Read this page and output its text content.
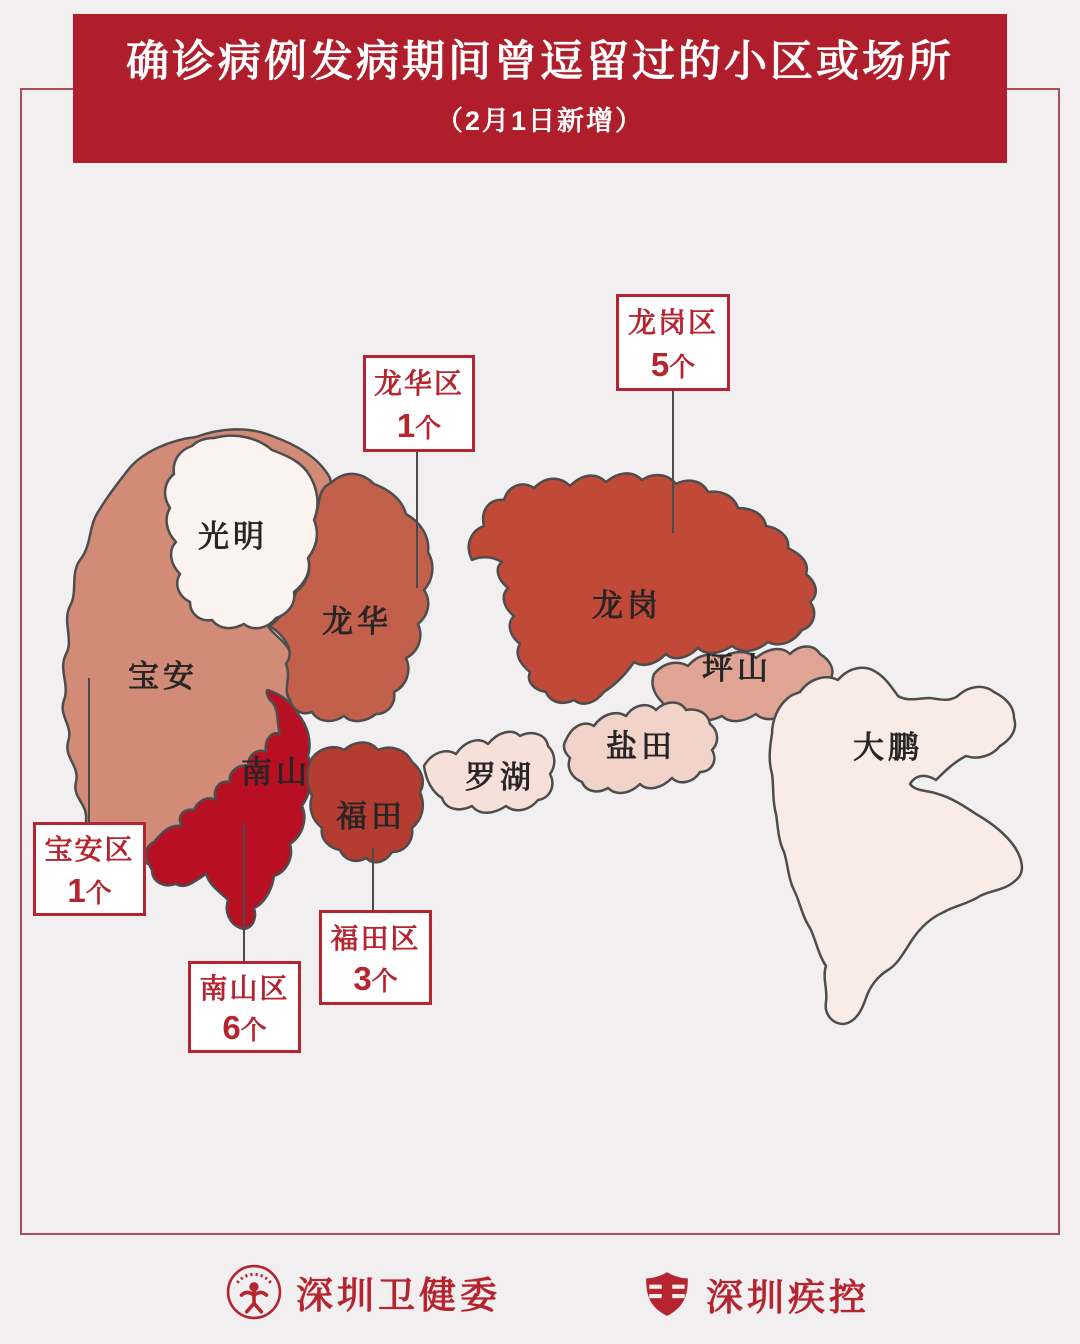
确诊病例发病期间曾逗留过的小区或场所
（2月1日新增）
光明
宝安
龙华
南山
福田
罗湖
龙岗
坪山
盐田	大鹏
龙华区
1个
龙岗区
5个
宝安区
1个
南山区
6个
福田区
3个
深圳卫健委	深圳疾控
